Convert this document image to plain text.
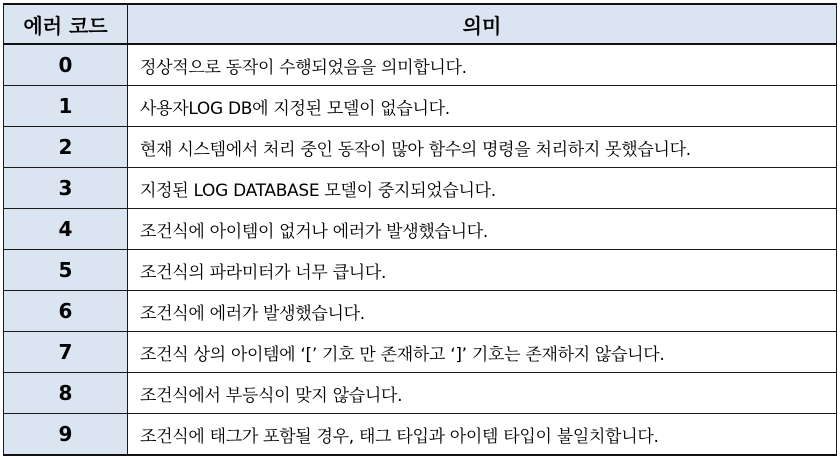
에러 코드	의미
0	정상적으로 동작이 수행되었음을 의미합니다.
1	사용자LOG DB에 지정된 모델이 없습니다.
2	현재 시스템에서 처리 중인 동작이 많아 함수의 명령을 처리하지 못했습니다.
3	지정된 LOG DATABASE 모델이 중지되었습니다.
4	조건식에 아이템이 없거나 에러가 발생했습니다.
5	조건식의 파라미터가 너무 큽니다.
6	조건식에 에러가 발생했습니다.
7	조건식 상의 아이템에 ‘[’ 기호 만 존재하고 ‘]’ 기호는 존재하지 않습니다.
8	조건식에서 부등식이 맞지 않습니다.
9	조건식에 태그가 포함될 경우, 태그 타입과 아이템 타입이 불일치합니다.
